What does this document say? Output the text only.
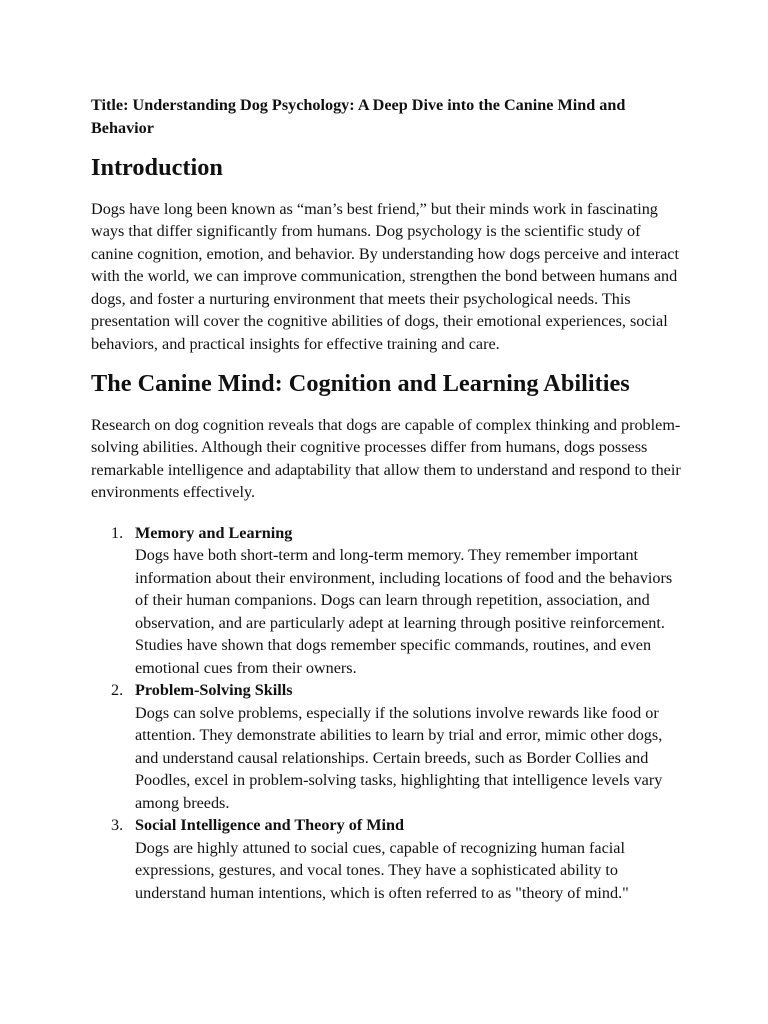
Title: Understanding Dog Psychology: A Deep Dive into the Canine Mind and Behavior

Introduction

Dogs have long been known as “man’s best friend,” but their minds work in fascinating ways that differ significantly from humans. Dog psychology is the scientific study of canine cognition, emotion, and behavior. By understanding how dogs perceive and interact with the world, we can improve communication, strengthen the bond between humans and dogs, and foster a nurturing environment that meets their psychological needs. This presentation will cover the cognitive abilities of dogs, their emotional experiences, social behaviors, and practical insights for effective training and care.

The Canine Mind: Cognition and Learning Abilities

Research on dog cognition reveals that dogs are capable of complex thinking and problem-solving abilities. Although their cognitive processes differ from humans, dogs possess remarkable intelligence and adaptability that allow them to understand and respond to their environments effectively.

1. Memory and Learning
Dogs have both short-term and long-term memory. They remember important information about their environment, including locations of food and the behaviors of their human companions. Dogs can learn through repetition, association, and observation, and are particularly adept at learning through positive reinforcement. Studies have shown that dogs remember specific commands, routines, and even emotional cues from their owners.
2. Problem-Solving Skills
Dogs can solve problems, especially if the solutions involve rewards like food or attention. They demonstrate abilities to learn by trial and error, mimic other dogs, and understand causal relationships. Certain breeds, such as Border Collies and Poodles, excel in problem-solving tasks, highlighting that intelligence levels vary among breeds.
3. Social Intelligence and Theory of Mind
Dogs are highly attuned to social cues, capable of recognizing human facial expressions, gestures, and vocal tones. They have a sophisticated ability to understand human intentions, which is often referred to as "theory of mind."
